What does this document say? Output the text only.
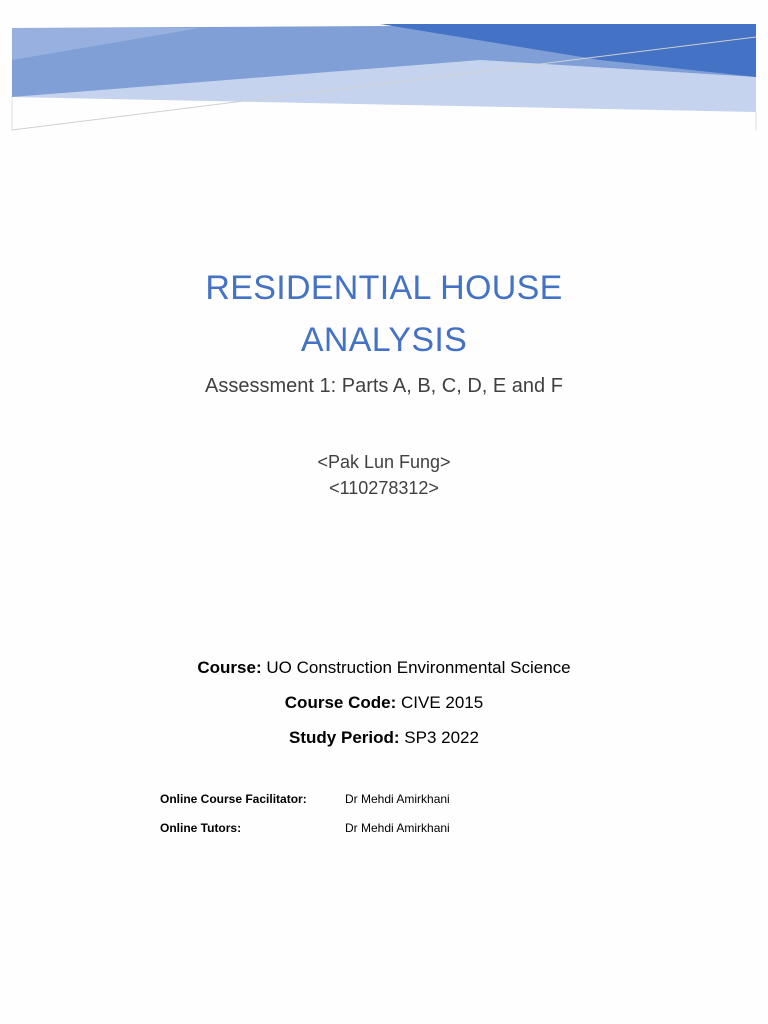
RESIDENTIAL HOUSE
ANALYSIS
Assessment 1: Parts A, B, C, D, E and F
<Pak Lun Fung>
<110278312>
Course: UO Construction Environmental Science
Course Code: CIVE 2015
Study Period: SP3 2022
Online Course Facilitator:	Dr Mehdi Amirkhani
Online Tutors:	Dr Mehdi Amirkhani
